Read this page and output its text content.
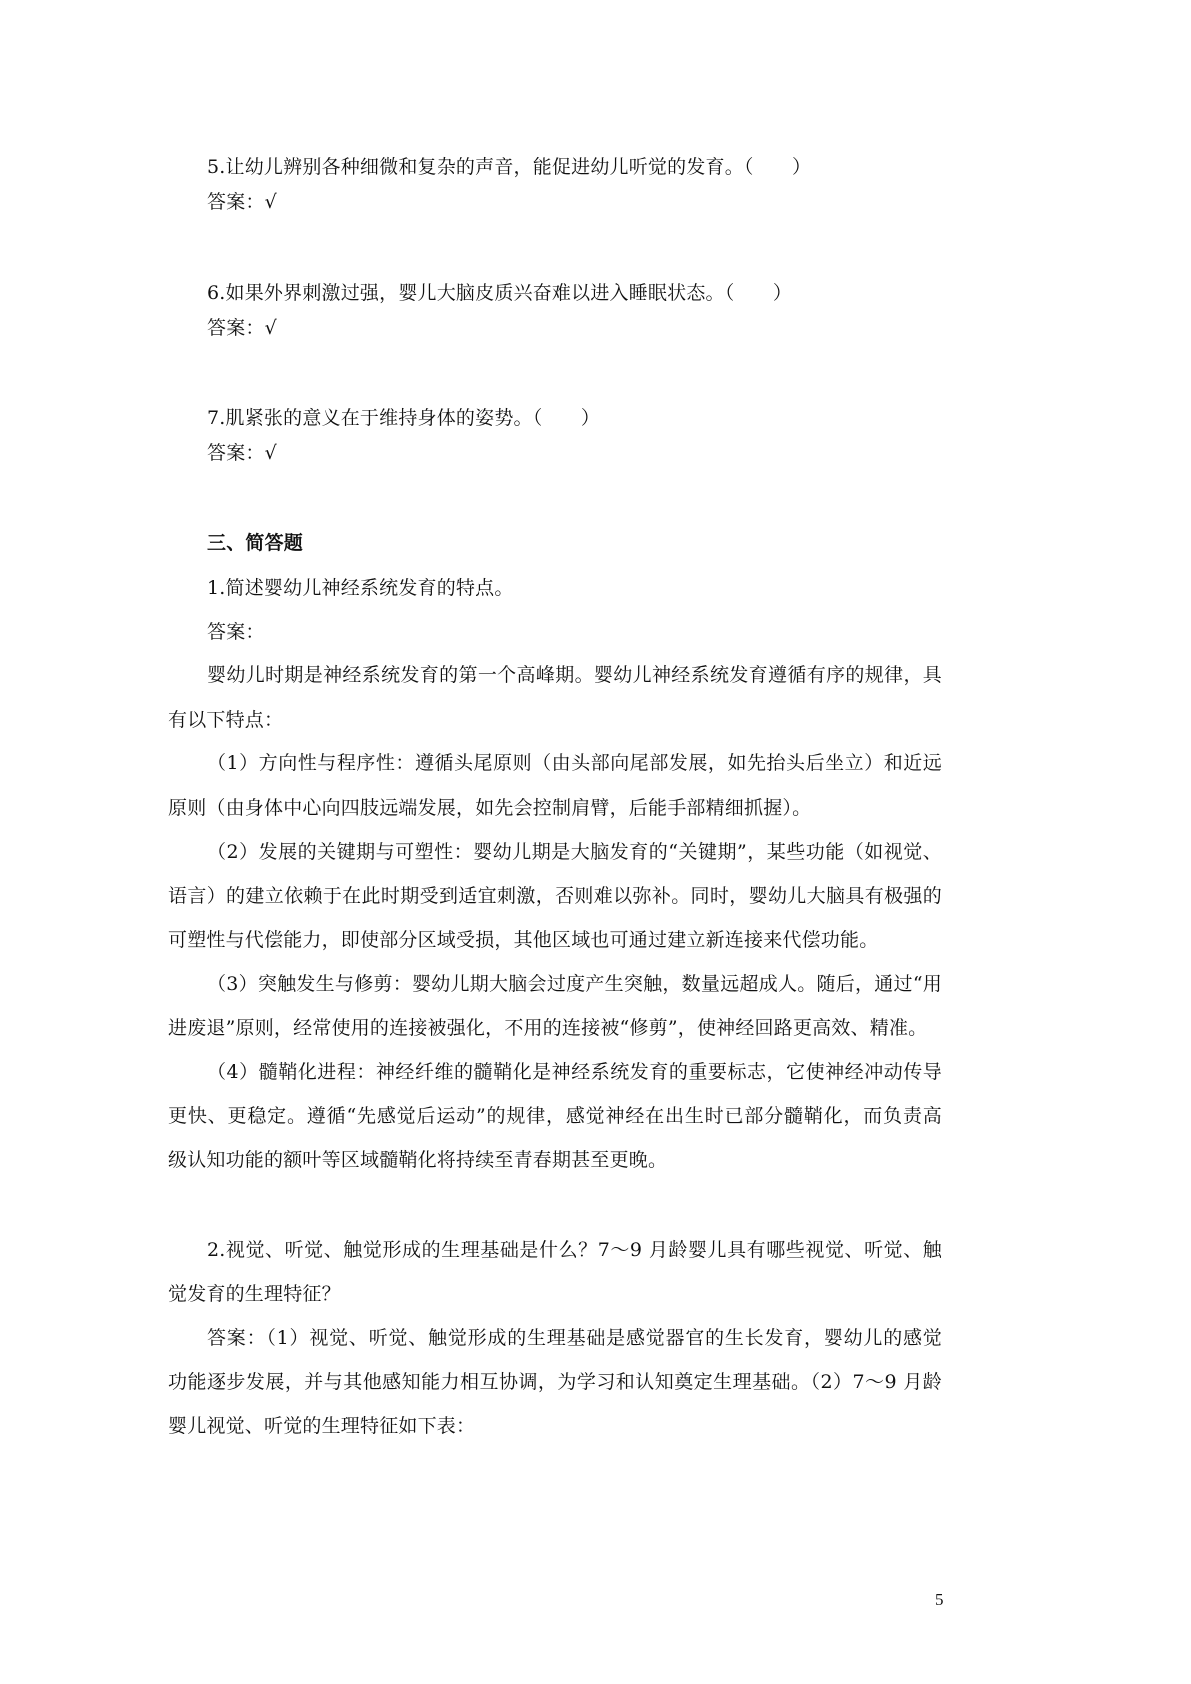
5.让幼儿辨别各种细微和复杂的声音，能促进幼儿听觉的发育。（　　）
答案：√
6.如果外界刺激过强，婴儿大脑皮质兴奋难以进入睡眠状态。（　　）
答案：√
7.肌紧张的意义在于维持身体的姿势。（　　）
答案：√
三、简答题
1.简述婴幼儿神经系统发育的特点。
答案：
婴幼儿时期是神经系统发育的第一个高峰期。婴幼儿神经系统发育遵循有序的规律，具
有以下特点：
（1）方向性与程序性：遵循头尾原则（由头部向尾部发展，如先抬头后坐立）和近远
原则（由身体中心向四肢远端发展，如先会控制肩臂，后能手部精细抓握）。
（2）发展的关键期与可塑性：婴幼儿期是大脑发育的“关键期”，某些功能（如视觉、
语言）的建立依赖于在此时期受到适宜刺激，否则难以弥补。同时，婴幼儿大脑具有极强的
可塑性与代偿能力，即使部分区域受损，其他区域也可通过建立新连接来代偿功能。
（3）突触发生与修剪：婴幼儿期大脑会过度产生突触，数量远超成人。随后，通过“用
进废退”原则，经常使用的连接被强化，不用的连接被“修剪”，使神经回路更高效、精准。
（4）髓鞘化进程：神经纤维的髓鞘化是神经系统发育的重要标志，它使神经冲动传导
更快、更稳定。遵循“先感觉后运动”的规律，感觉神经在出生时已部分髓鞘化，而负责高
级认知功能的额叶等区域髓鞘化将持续至青春期甚至更晚。
2.视觉、听觉、触觉形成的生理基础是什么？7～9 月龄婴儿具有哪些视觉、听觉、触
觉发育的生理特征？
答案：（1）视觉、听觉、触觉形成的生理基础是感觉器官的生长发育，婴幼儿的感觉
功能逐步发展，并与其他感知能力相互协调，为学习和认知奠定生理基础。（2）7～9 月龄
婴儿视觉、听觉的生理特征如下表：
5
